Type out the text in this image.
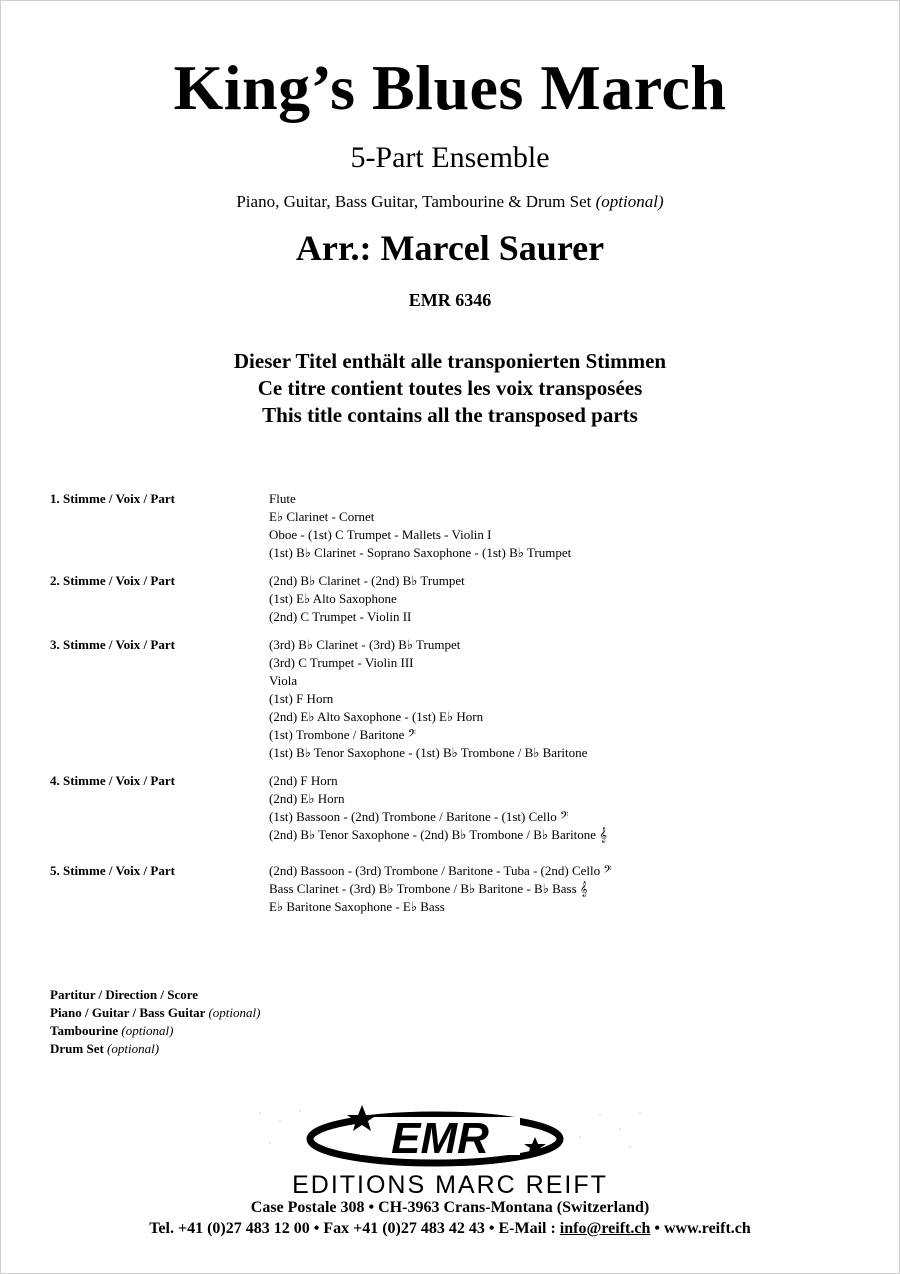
King’s Blues March
5-Part Ensemble
Piano, Guitar, Bass Guitar, Tambourine & Drum Set (optional)
Arr.: Marcel Saurer
EMR 6346
Dieser Titel enthält alle transponierten Stimmen
Ce titre contient toutes les voix transposées
This title contains all the transposed parts
1. Stimme / Voix / Part	Flute
E♭ Clarinet - Cornet
Oboe - (1st) C Trumpet - Mallets - Violin I
(1st) B♭ Clarinet - Soprano Saxophone - (1st) B♭ Trumpet
2. Stimme / Voix / Part	(2nd) B♭ Clarinet - (2nd) B♭ Trumpet
(1st) E♭ Alto Saxophone
(2nd) C Trumpet - Violin II
3. Stimme / Voix / Part	(3rd) B♭ Clarinet - (3rd) B♭ Trumpet
(3rd) C Trumpet - Violin III
Viola
(1st) F Horn
(2nd) E♭ Alto Saxophone - (1st) E♭ Horn
(1st) Trombone / Baritone 𝄢
(1st) B♭ Tenor Saxophone - (1st) B♭ Trombone / B♭ Baritone
4. Stimme / Voix / Part	(2nd) F Horn
(2nd) E♭ Horn
(1st) Bassoon - (2nd) Trombone / Baritone - (1st) Cello 𝄢
(2nd) B♭ Tenor Saxophone - (2nd) B♭ Trombone / B♭ Baritone 𝄞
5. Stimme / Voix / Part	(2nd) Bassoon - (3rd) Trombone / Baritone - Tuba - (2nd) Cello 𝄢
Bass Clarinet - (3rd) B♭ Trombone / B♭ Baritone - B♭ Bass 𝄞
E♭ Baritone Saxophone - E♭ Bass
Partitur / Direction / Score
Piano / Guitar / Bass Guitar (optional)
Tambourine (optional)
Drum Set (optional)
EMR
EDITIONS MARC REIFT
Case Postale 308 • CH-3963 Crans-Montana (Switzerland)
Tel. +41 (0)27 483 12 00 • Fax +41 (0)27 483 42 43 • E-Mail : info@reift.ch • www.reift.ch
